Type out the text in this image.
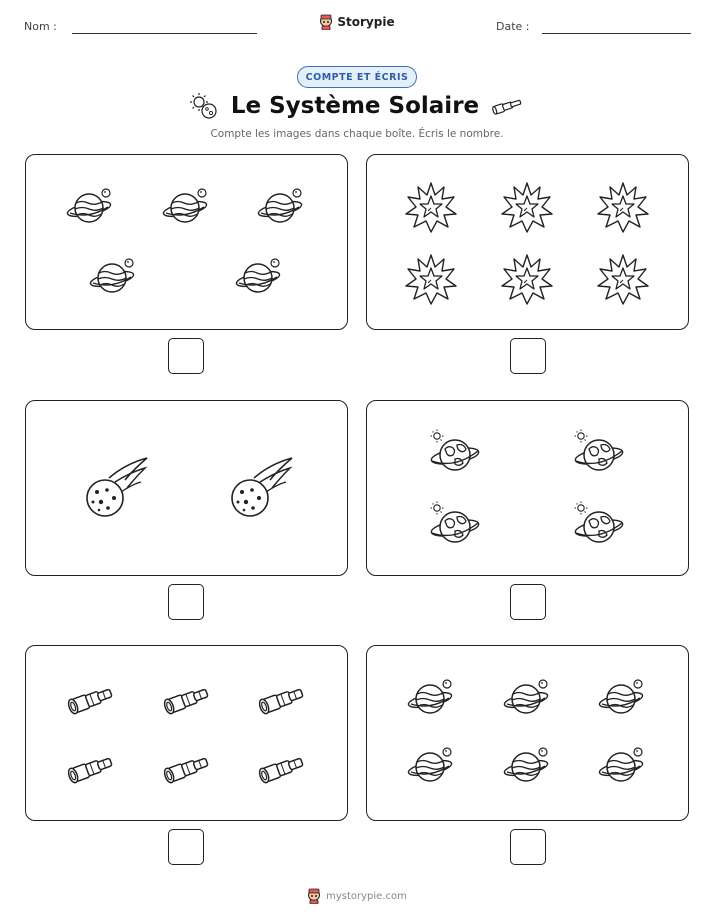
Nom :	Date :
Storypie
COMPTE ET ÉCRIS
Le Système Solaire
Compte les images dans chaque boîte. Écris le nombre.
mystorypie.com
